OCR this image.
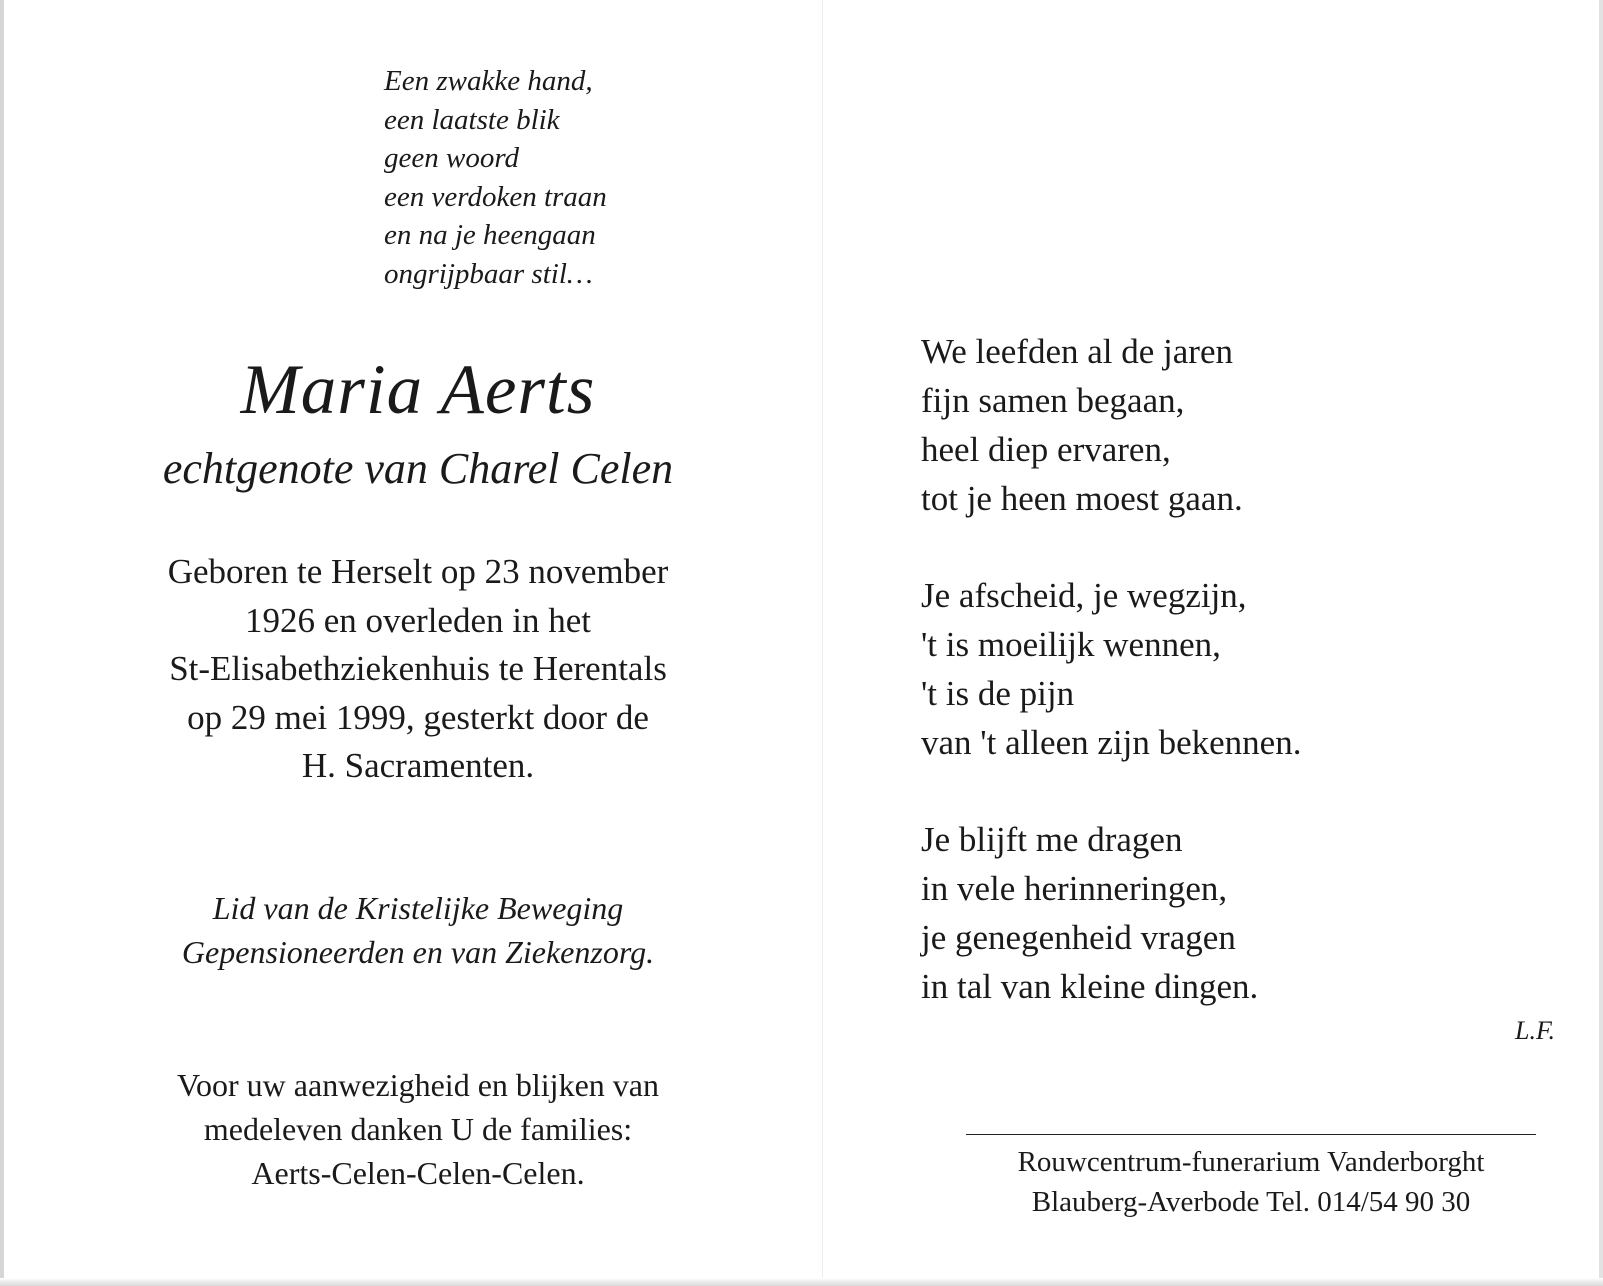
Een zwakke hand,
een laatste blik
geen woord
een verdoken traan
en na je heengaan
ongrijpbaar stil…
Maria Aerts
echtgenote van Charel Celen
Geboren te Herselt op 23 november
1926 en overleden in het
St-Elisabethziekenhuis te Herentals
op 29 mei 1999, gesterkt door de
H. Sacramenten.
Lid van de Kristelijke Beweging
Gepensioneerden en van Ziekenzorg.
Voor uw aanwezigheid en blijken van
medeleven danken U de families:
Aerts-Celen-Celen-Celen.
We leefden al de jaren
fijn samen begaan,
heel diep ervaren,
tot je heen moest gaan.
Je afscheid, je wegzijn,
't is moeilijk wennen,
't is de pijn
van 't alleen zijn bekennen.
Je blijft me dragen
in vele herinneringen,
je genegenheid vragen
in tal van kleine dingen.
L.F.
Rouwcentrum-funerarium Vanderborght
Blauberg-Averbode Tel. 014/54 90 30
